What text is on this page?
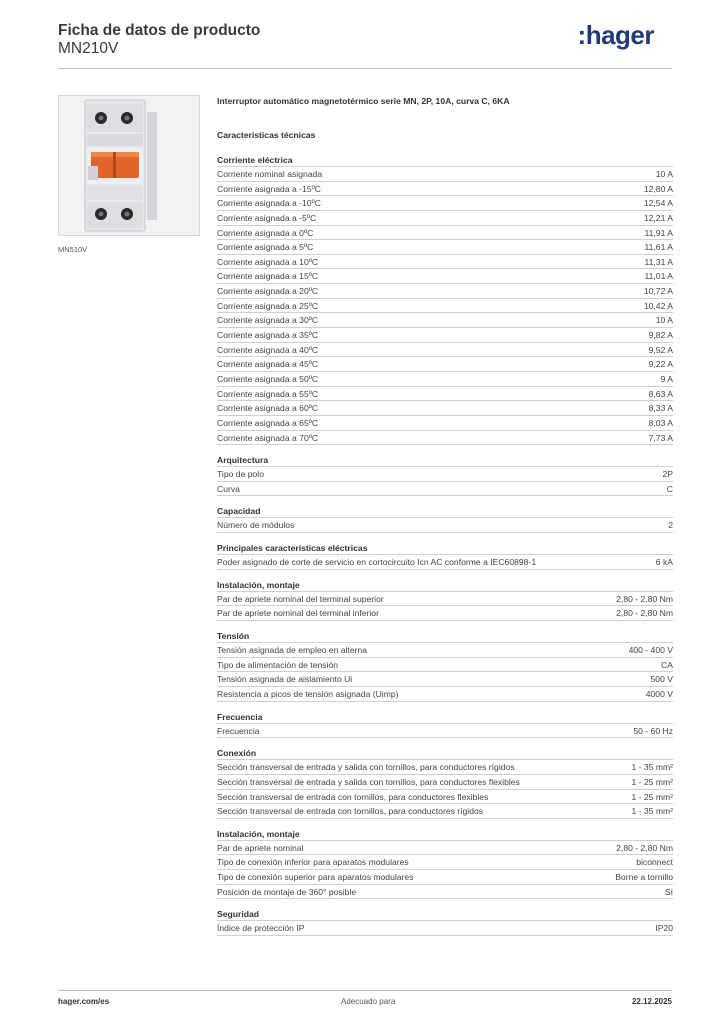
Ficha de datos de producto
MN210V	:hager
MN510V
Interruptor automático magnetotérmico serie MN, 2P, 10A, curva C, 6KA
Características técnicas
Corriente eléctrica
Corriente nominal asignada	10 A
Corriente asignada a -15ºC	12,80 A
Corriente asignada a -10ºC	12,54 A
Corriente asignada a -5ºC	12,21 A
Corriente asignada a 0ºC	11,91 A
Corriente asignada a 5ºC	11,61 A
Corriente asignada a 10ºC	11,31 A
Corriente asignada a 15ºC	11,01 A
Corriente asignada a 20ºC	10,72 A
Corriente asignada a 25ºC	10,42 A
Corriente asignada a 30ºC	10 A
Corriente asignada a 35ºC	9,82 A
Corriente asignada a 40ºC	9,52 A
Corriente asignada a 45ºC	9,22 A
Corriente asignada a 50ºC	9 A
Corriente asignada a 55ºC	8,63 A
Corriente asignada a 60ºC	8,33 A
Corriente asignada a 65ºC	8,03 A
Corriente asignada a 70ºC	7,73 A
Arquitectura
Tipo de polo	2P
Curva	C
Capacidad
Número de módulos	2
Principales características eléctricas
Poder asignado de corte de servicio en cortocircuito Icn AC conforme a IEC60898-1	6 kA
Instalación, montaje
Par de apriete nominal del terminal superior	2,80 - 2,80 Nm
Par de apriete nominal del terminal inferior	2,80 - 2,80 Nm
Tensión
Tensión asignada de empleo en alterna	400 - 400 V
Tipo de alimentación de tensión	CA
Tensión asignada de aislamiento Ui	500 V
Resistencia a picos de tensión asignada (Uimp)	4000 V
Frecuencia
Frecuencia	50 - 60 Hz
Conexión
Sección transversal de entrada y salida con tornillos, para conductores rígidos	1 - 35 mm²
Sección transversal de entrada y salida con tornillos, para conductores flexibles	1 - 25 mm²
Sección transversal de entrada con tornillos, para conductores flexibles	1 - 25 mm²
Sección transversal de entrada con tornillos, para conductores rígidos	1 - 35 mm²
Instalación, montaje
Par de apriete nominal	2,80 - 2,80 Nm
Tipo de conexión inferior para aparatos modulares	biconnect
Tipo de conexión superior para aparatos modulares	Borne a tornillo
Posición de montaje de 360° posible	Sí
Seguridad
Índice de protección IP	IP20
hager.com/es	Adecuado para	22.12.2025
